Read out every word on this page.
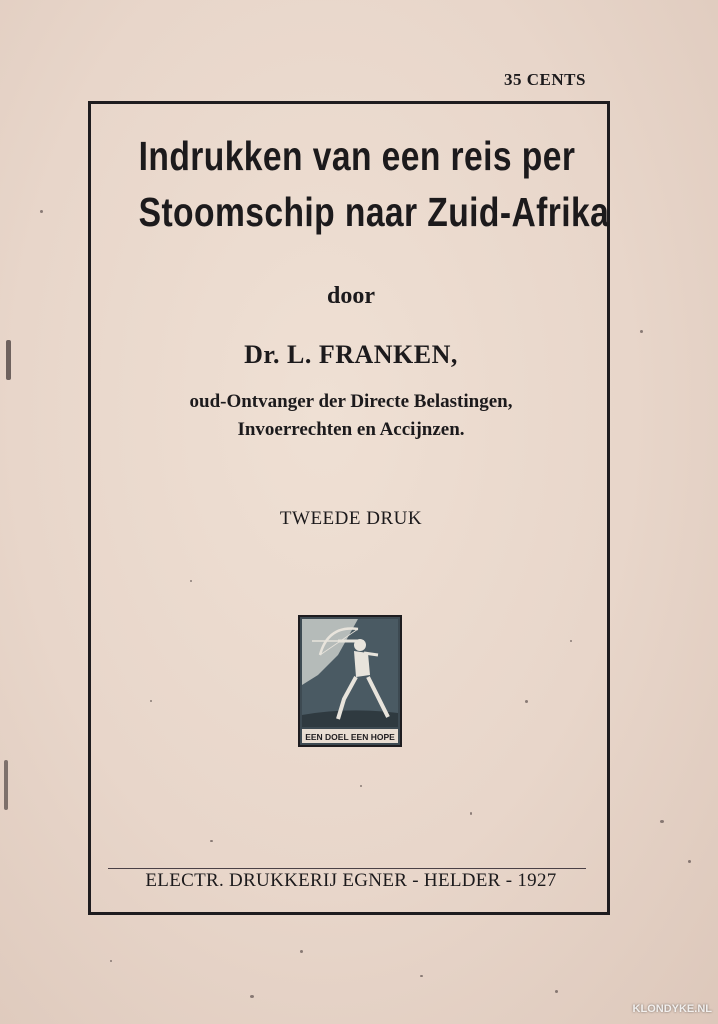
35 CENTS
Indrukken van een reis per
Stoomschip naar Zuid-Afrika
door
Dr. L. FRANKEN,
oud-Ontvanger der Directe Belastingen,
Invoerrechten en Accijnzen.
TWEEDE DRUK
EEN DOEL EEN HOPE
ELECTR. DRUKKERIJ EGNER - HELDER - 1927
KLONDYKE.NL
